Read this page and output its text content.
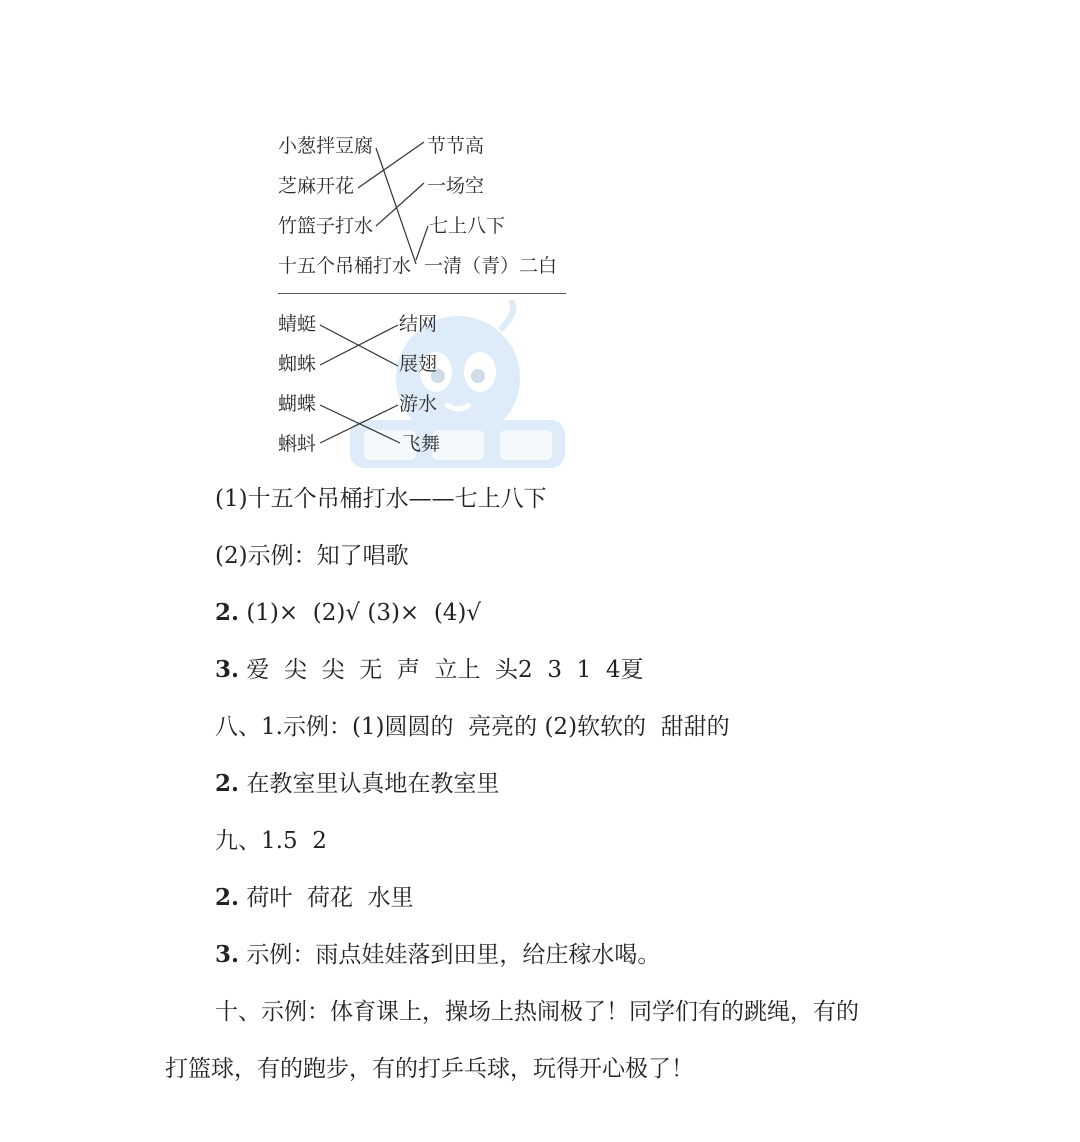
小葱拌豆腐
芝麻开花
竹篮子打水
十五个吊桶打水
节节高
一场空
七上八下
一清（青）二白
蜻蜓
蜘蛛
蝴蝶
蝌蚪
结网
展翅
游水
飞舞
(1)十五个吊桶打水——七上八下
(2)示例：知了唱歌
2. (1)×  (2)√ (3)×  (4)√
3. 爱  尖  尖  无  声  立上  头2  3  1  4夏
八、1.示例：(1)圆圆的  亮亮的 (2)软软的  甜甜的
2. 在教室里认真地在教室里
九、1.5  2
2. 荷叶  荷花  水里
3. 示例：雨点娃娃落到田里，给庄稼水喝。
十、示例：体育课上，操场上热闹极了！同学们有的跳绳，有的
打篮球，有的跑步，有的打乒乓球，玩得开心极了！
